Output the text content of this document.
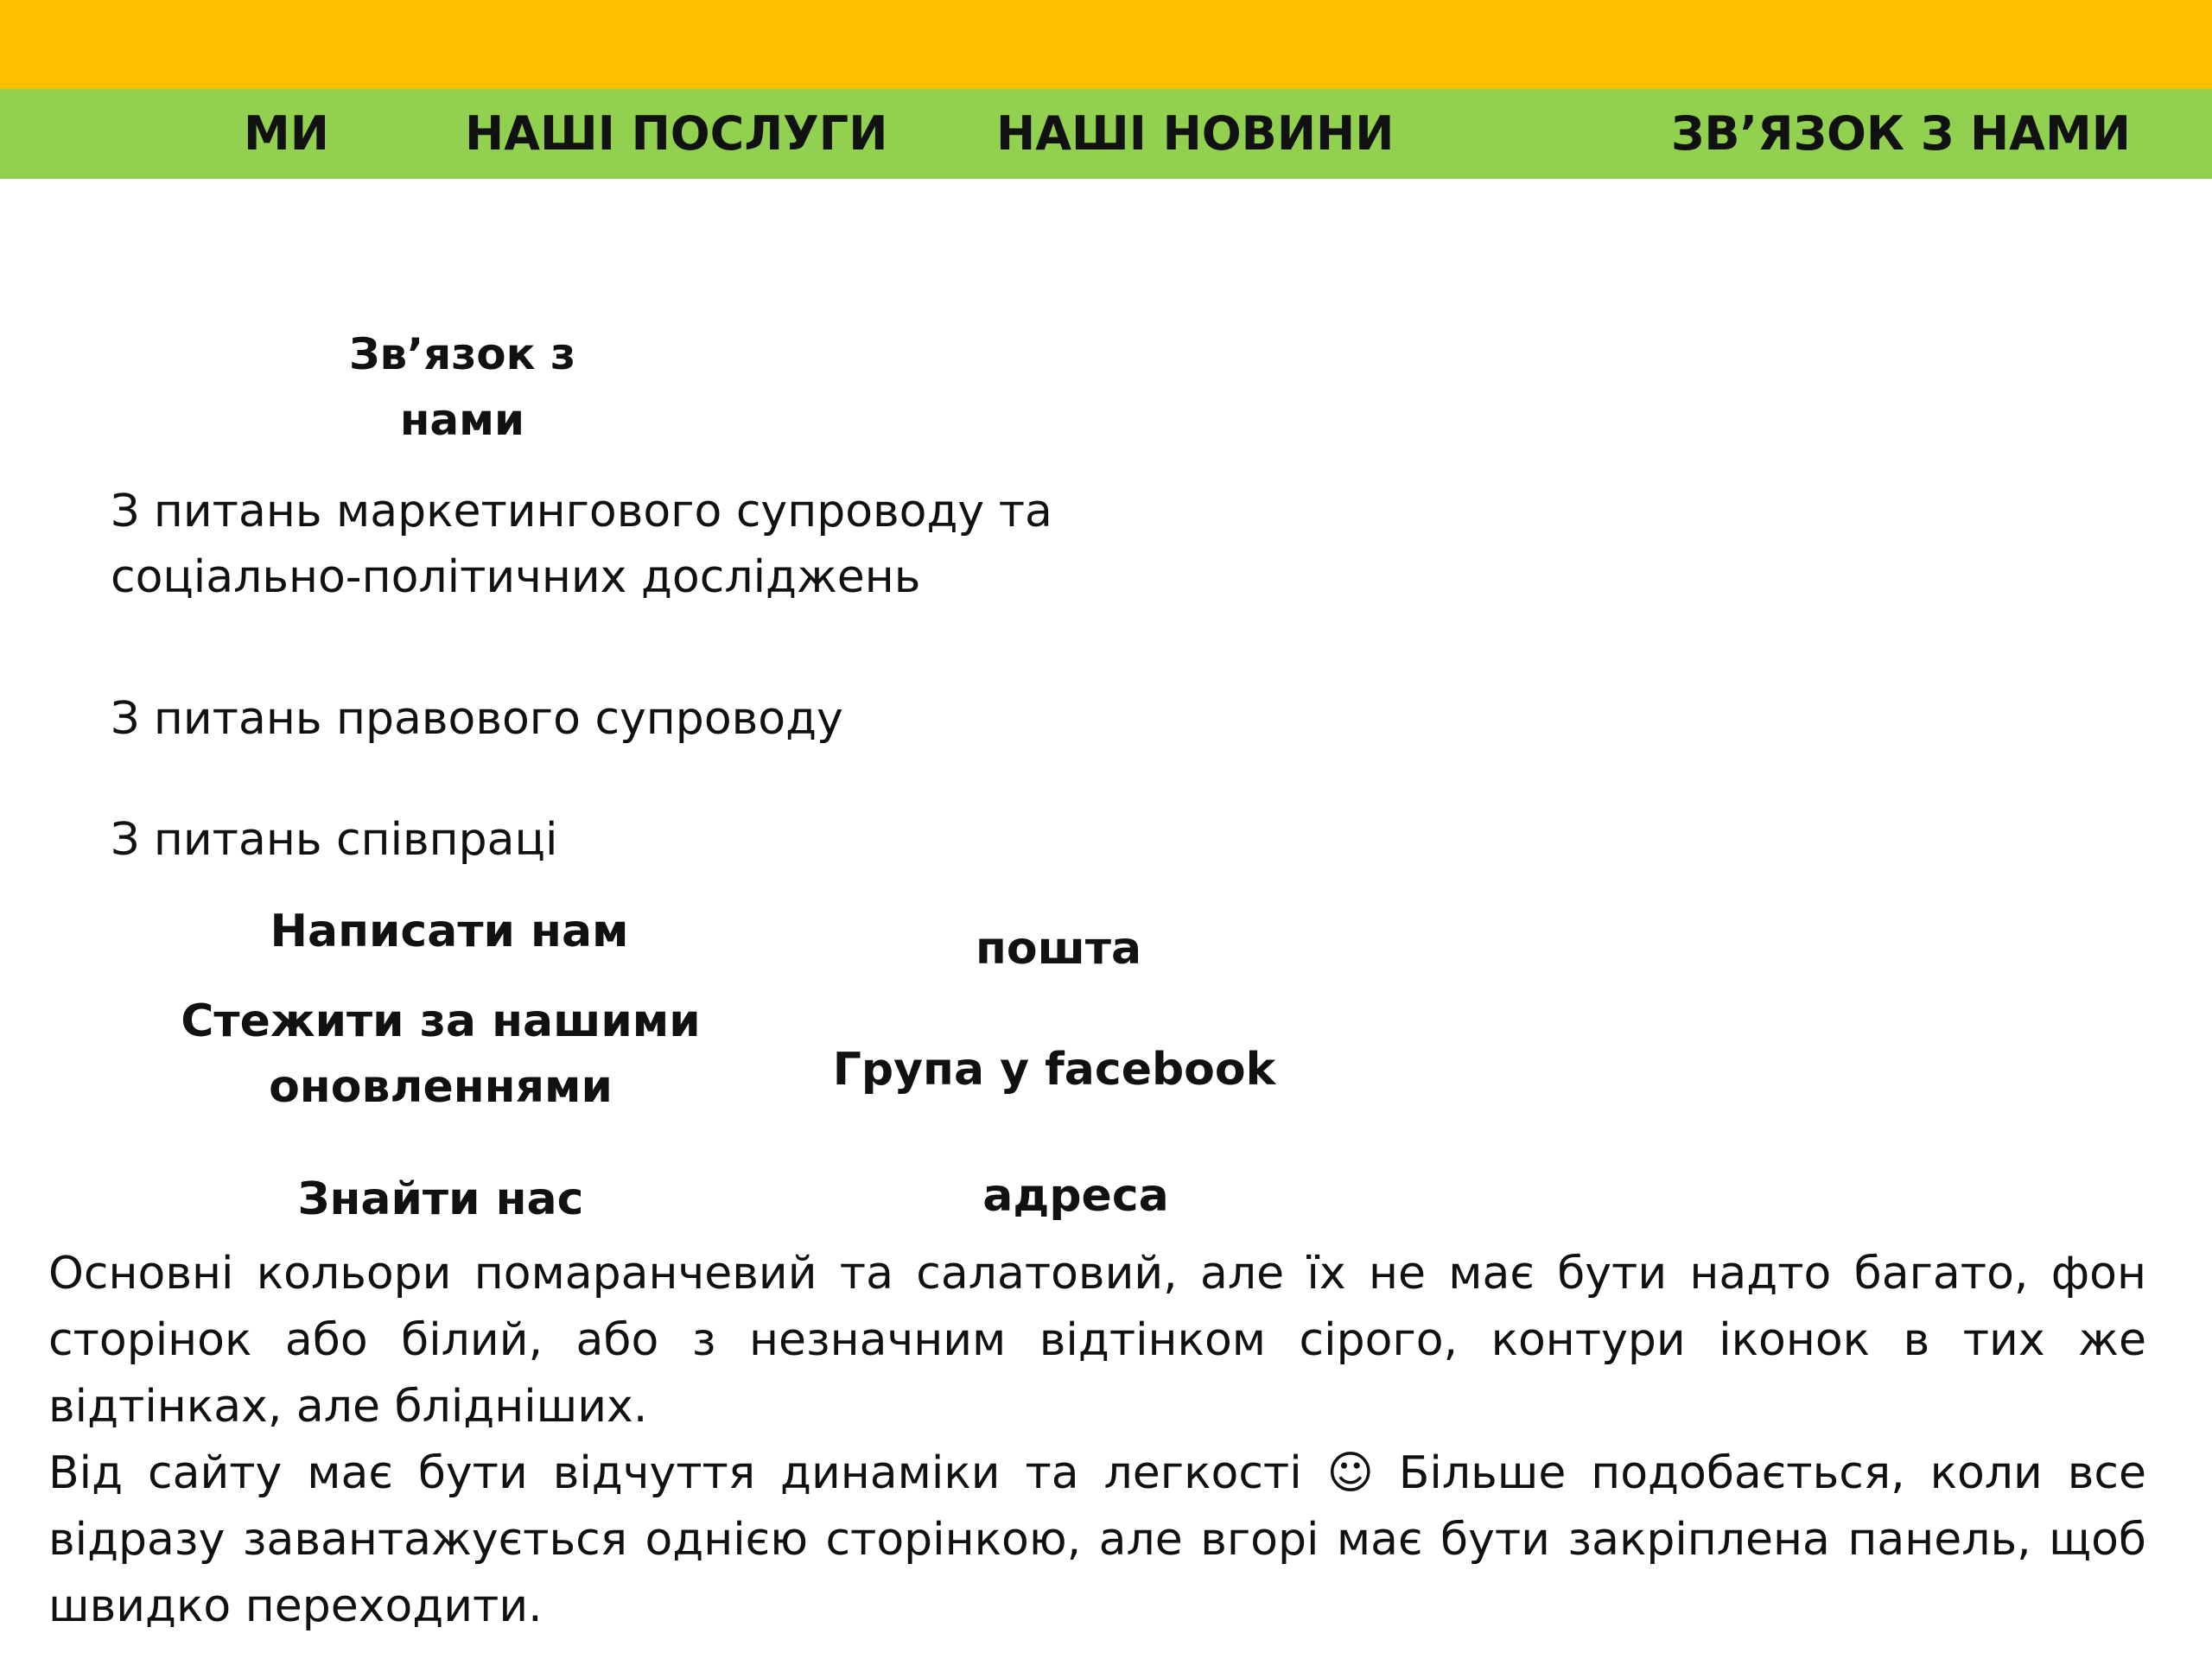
МИ	НАШІ ПОСЛУГИ НАШІ НОВИНИ	ЗВ’ЯЗОК З НАМИ
Зв’язок з
нами
З питань маркетингового супроводу та
соціально-політичних досліджень
З питань правового супроводу
З питань співпраці
Написати нам	пошта
Стежити за нашими
оновленнями	Група у facebook
Знайти нас	адреса

Основні кольори помаранчевий та салатовий, але їх не має бути надто багато, фон сторінок або білий, або з незначним відтінком сірого, контури іконок в тих же відтінках, але блідніших.

Від сайту має бути відчуття динаміки та легкості ☺ Більше подобається, коли все відразу завантажується однією сторінкою, але вгорі має бути закріплена панель, щоб швидко переходити.
